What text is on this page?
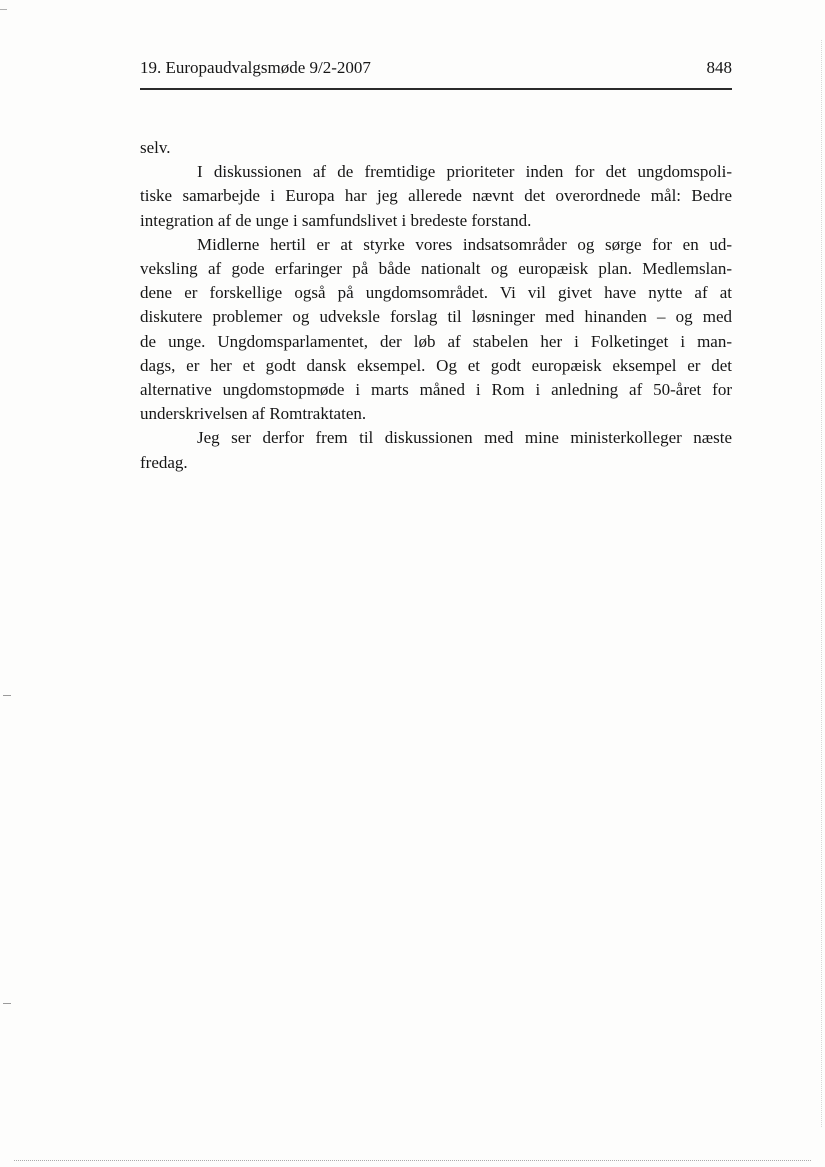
19. Europaudvalgsmøde 9/2-2007	848
selv.
I diskussionen af de fremtidige prioriteter inden for det ungdomspoli-
tiske samarbejde i Europa har jeg allerede nævnt det overordnede mål: Bedre
integration af de unge i samfundslivet i bredeste forstand.
Midlerne hertil er at styrke vores indsatsområder og sørge for en ud-
veksling af gode erfaringer på både nationalt og europæisk plan. Medlemslan-
dene er forskellige også på ungdomsområdet. Vi vil givet have nytte af at
diskutere problemer og udveksle forslag til løsninger med hinanden – og med
de unge. Ungdomsparlamentet, der løb af stabelen her i Folketinget i man-
dags, er her et godt dansk eksempel. Og et godt europæisk eksempel er det
alternative ungdomstopmøde i marts måned i Rom i anledning af 50-året for
underskrivelsen af Romtraktaten.
Jeg ser derfor frem til diskussionen med mine ministerkolleger næste
fredag.
